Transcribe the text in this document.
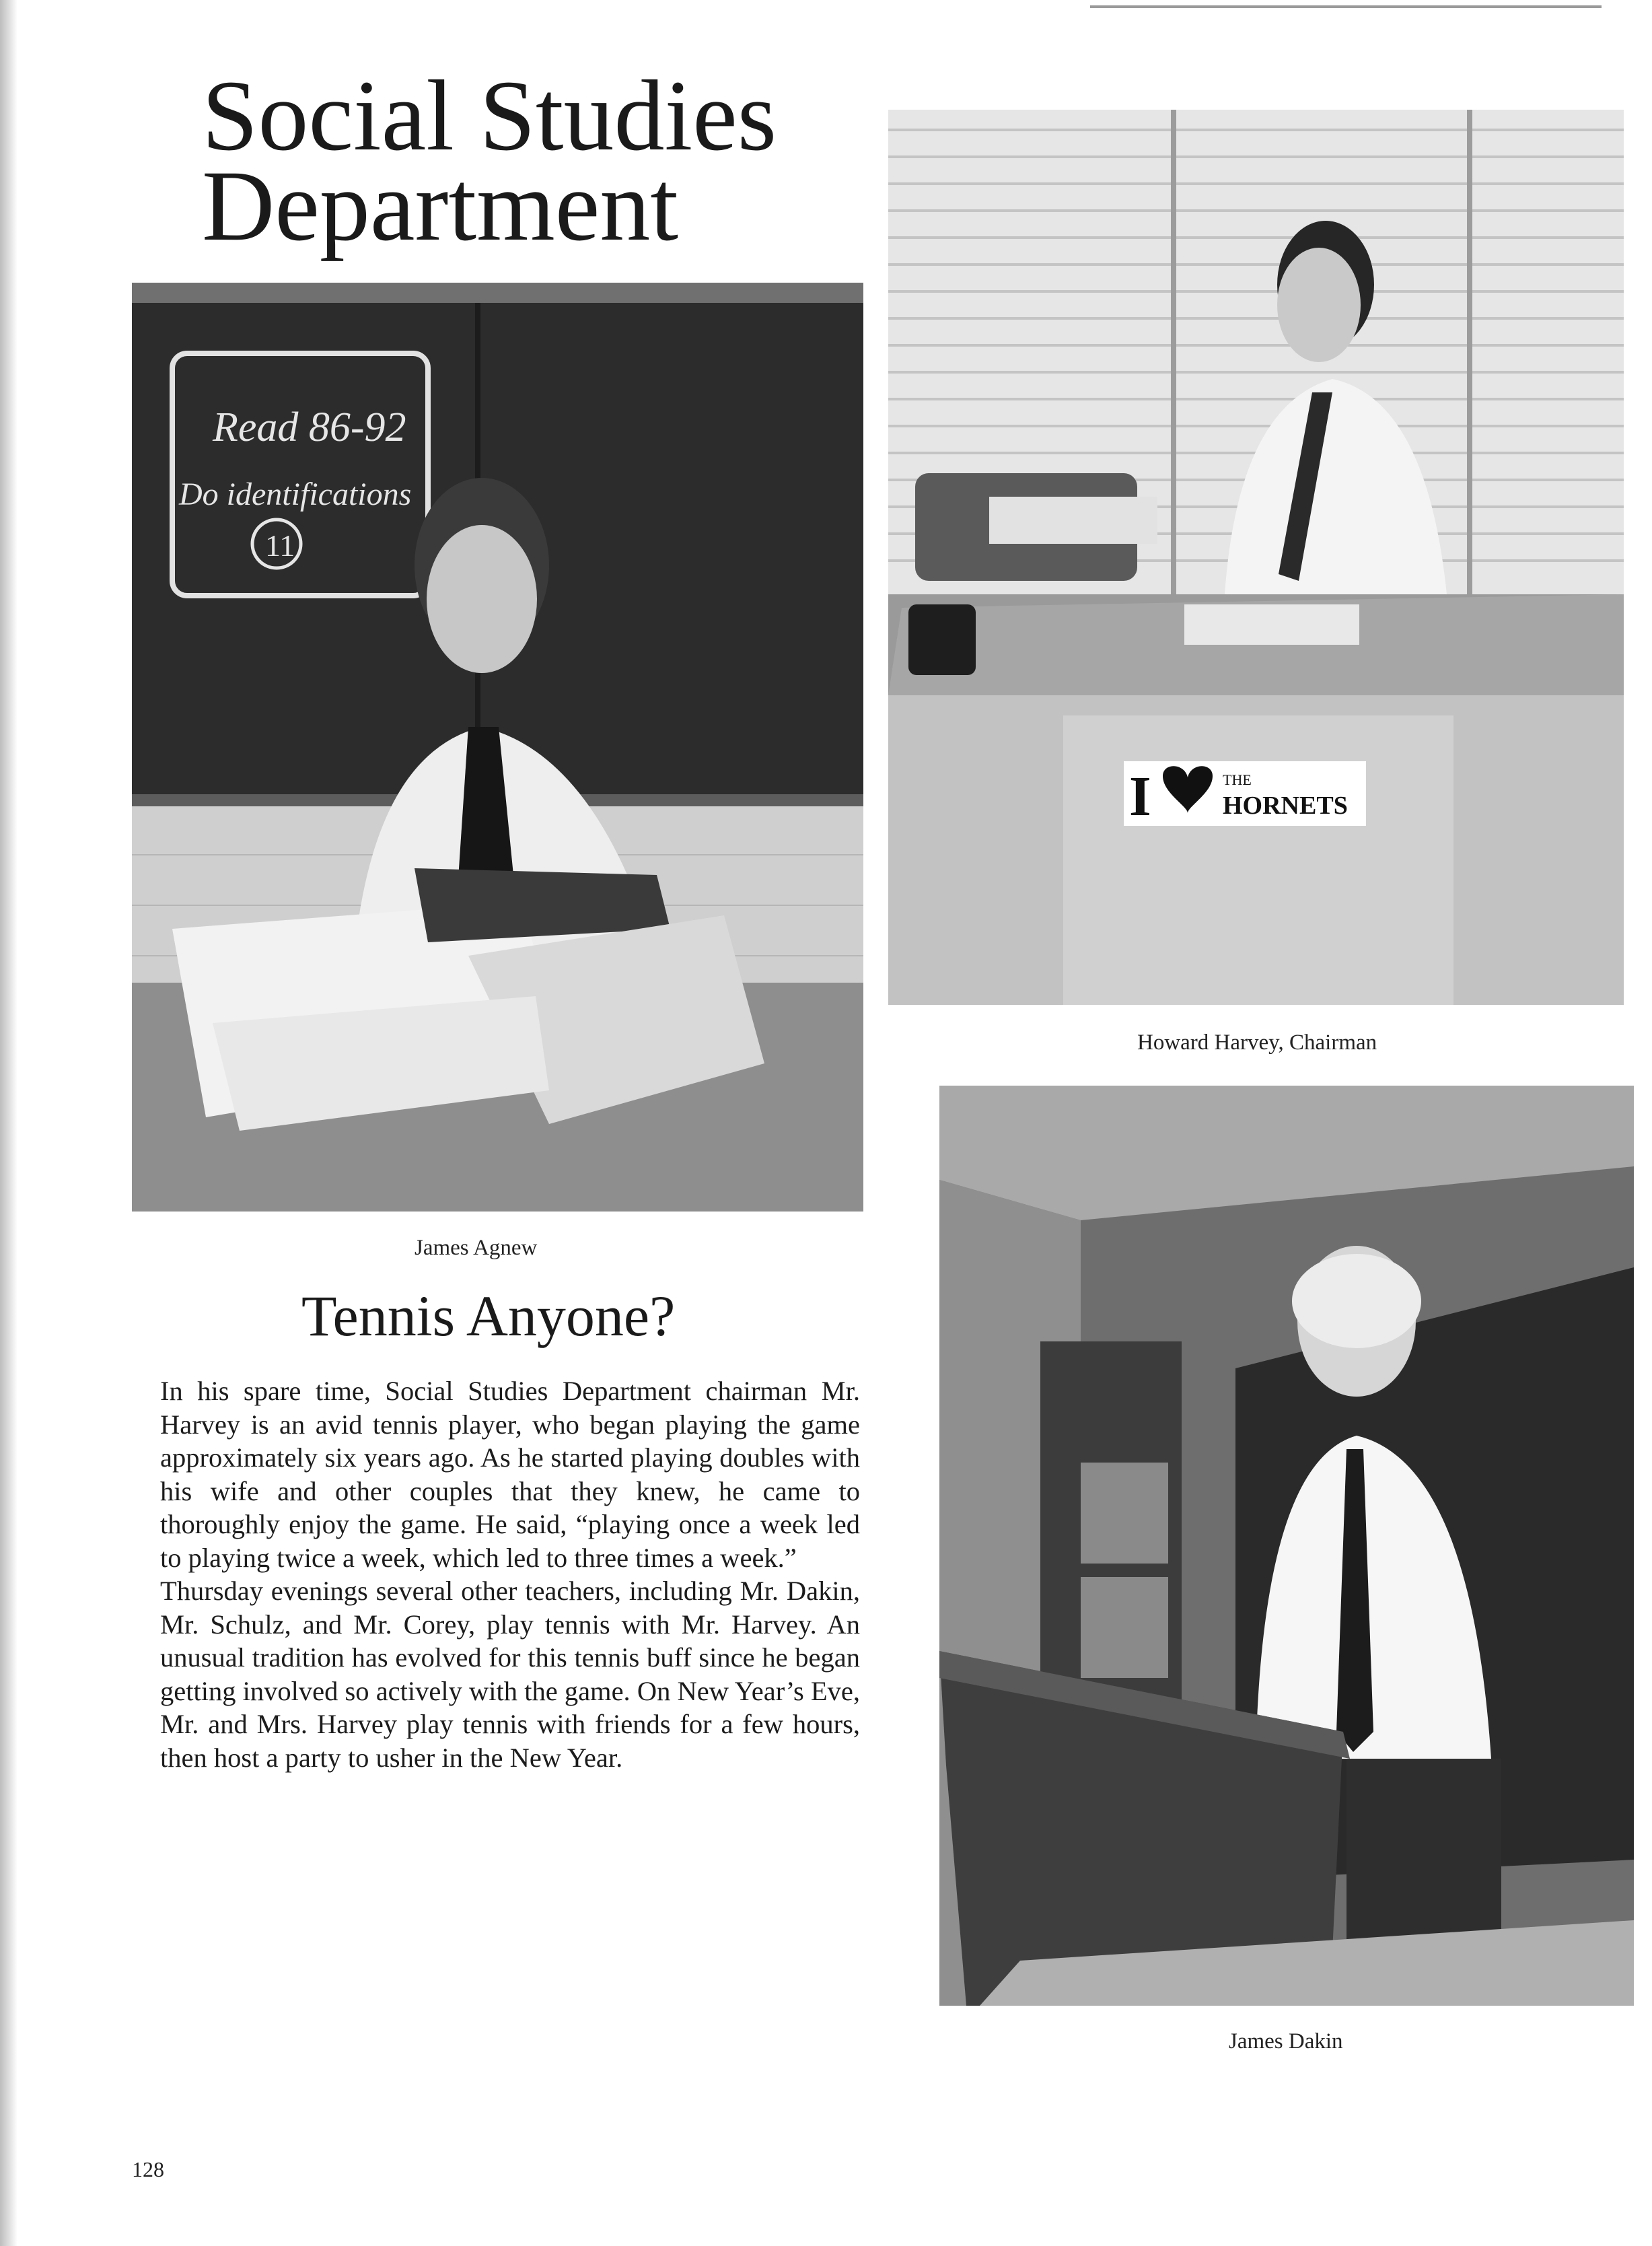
Social Studies
Department
Read 86-92
Do identifications
11
I	THE
HORNETS
Howard Harvey, Chairman
James Agnew
James Dakin
Tennis Anyone?

In his spare time, Social Studies Department chairman Mr. Harvey is an avid tennis player, who began playing the game approximately six years ago. As he started playing doubles with his wife and other couples that they knew, he came to thoroughly enjoy the game. He said, “playing once a week led to playing twice a week, which led to three times a week.”

Thursday evenings several other teachers, including Mr. Dakin, Mr. Schulz, and Mr. Corey, play tennis with Mr. Harvey. An unusual tradition has evolved for this tennis buff since he began getting involved so actively with the game. On New Year’s Eve, Mr. and Mrs. Harvey play tennis with friends for a few hours, then host a party to usher in the New Year.

128
